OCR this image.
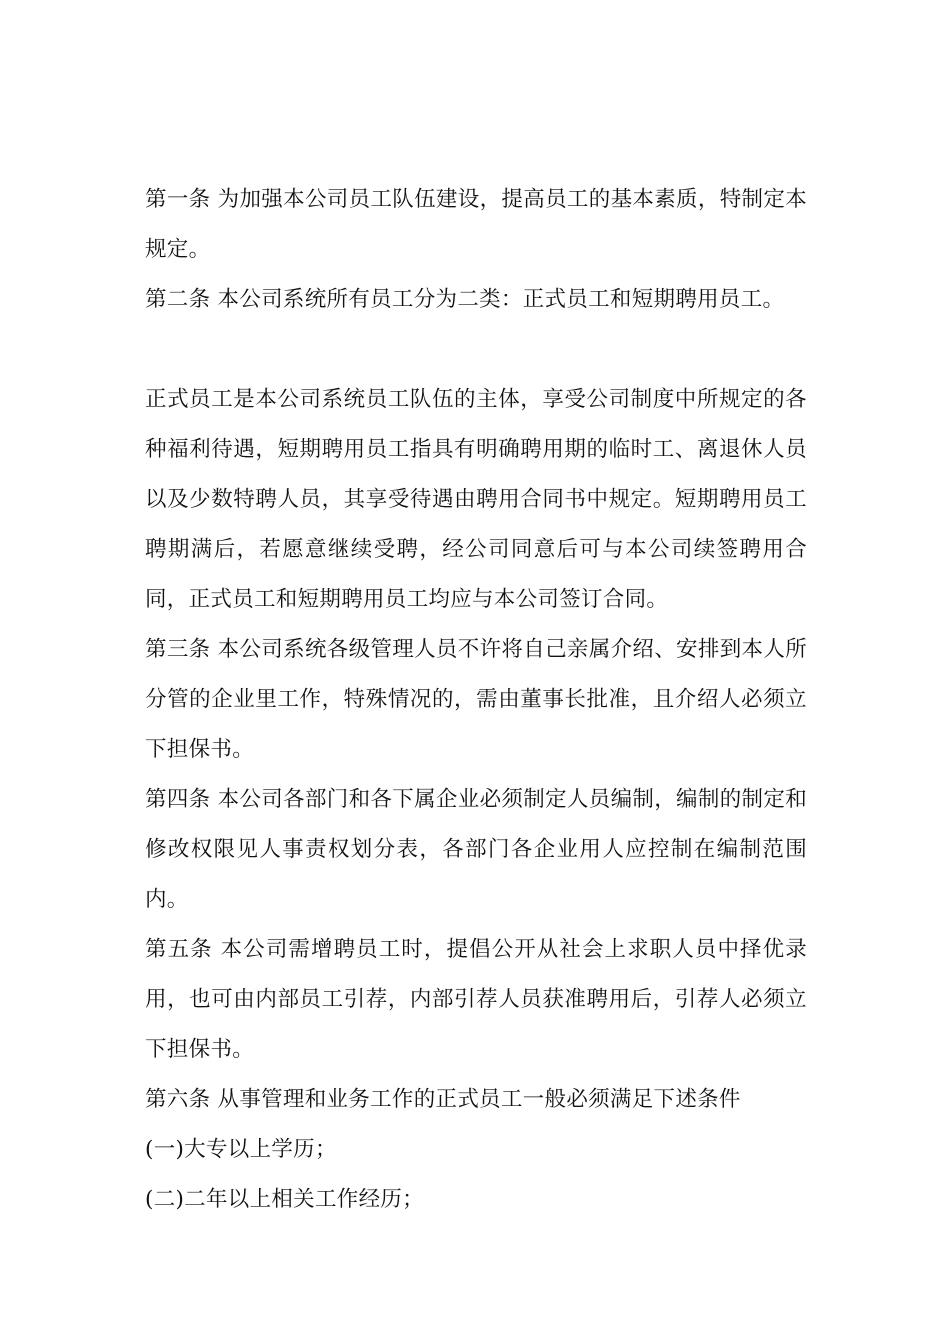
第一条 为加强本公司员工队伍建设，提高员工的基本素质，特制定本规定。

第二条 本公司系统所有员工分为二类：正式员工和短期聘用员工。

正式员工是本公司系统员工队伍的主体，享受公司制度中所规定的各种福利待遇，短期聘用员工指具有明确聘用期的临时工、离退休人员以及少数特聘人员，其享受待遇由聘用合同书中规定。短期聘用员工聘期满后，若愿意继续受聘，经公司同意后可与本公司续签聘用合同，正式员工和短期聘用员工均应与本公司签订合同。

第三条 本公司系统各级管理人员不许将自己亲属介绍、安排到本人所分管的企业里工作，特殊情况的，需由董事长批准，且介绍人必须立下担保书。

第四条 本公司各部门和各下属企业必须制定人员编制，编制的制定和修改权限见人事责权划分表，各部门各企业用人应控制在编制范围内。

第五条 本公司需增聘员工时，提倡公开从社会上求职人员中择优录用，也可由内部员工引荐，内部引荐人员获准聘用后，引荐人必须立下担保书。

第六条 从事管理和业务工作的正式员工一般必须满足下述条件

(一)大专以上学历；

(二)二年以上相关工作经历；
